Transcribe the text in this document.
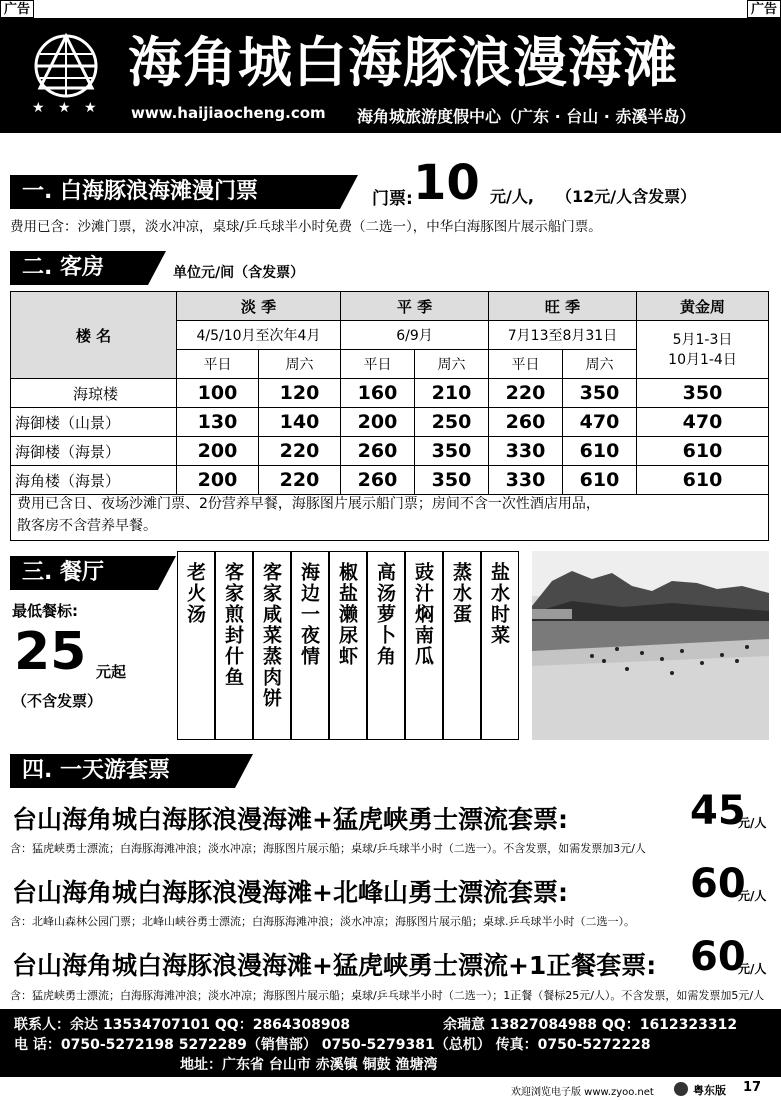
广告	广告
★ ★ ★
海角城白海豚浪漫海滩
www.haijiaocheng.com 海角城旅游度假中心（广东 · 台山 · 赤溪半岛）
一. 白海豚浪海滩漫门票	门票: 10 元/人, （12元/人含发票）
费用已含：沙滩门票，淡水冲凉，桌球/乒乓球半小时免费（二选一），中华白海豚图片展示船门票。
二. 客房	单位元/间（含发票）
楼 名	淡 季		平 季		旺 季		黄金周
	4/5/10月至次年4月		6/9月		7月13至8月31日		5月1-3日
10月1-4日

	平日	周六	平日	周六	平日	周六	
海琼楼	100	120	160	210	220	350	350
海御楼（山景）	130	140	200	250	260	470	470
海御楼（海景）	200	220	260	350	330	610	610
海角楼（海景）	200	220	260	350	330	610	610
费用已含日、夜场沙滩门票、2份营养早餐，海豚图片展示船门票；房间不含一次性酒店用品，
散客房不含营养早餐。
三. 餐厅
最低餐标:
25 元起
（不含发票）
老火汤 客家煎封什鱼 客家咸菜蒸肉饼 海边一夜情 椒盐濑尿虾 高汤萝卜角 豉汁焖南瓜 蒸水蛋 盐水时菜
四. 一天游套票
台山海角城白海豚浪漫海滩+猛虎峡勇士漂流套票:	45
元/人
含：猛虎峡勇士漂流；白海豚海滩冲浪；淡水冲凉；海豚图片展示船；桌球/乒乓球半小时（二选一）。不含发票，如需发票加3元/人
台山海角城白海豚浪漫海滩+北峰山勇士漂流套票:	60
元/人
含：北峰山森林公园门票；北峰山峡谷勇士漂流；白海豚海滩冲浪；淡水冲凉；海豚图片展示船；桌球.乒乓球半小时（二选一）。
台山海角城白海豚浪漫海滩+猛虎峡勇士漂流+1正餐套票: 60
元/人
含：猛虎峡勇士漂流；白海豚海滩冲浪；淡水冲凉；海豚图片展示船；桌球/乒乓球半小时（二选一）；1正餐（餐标25元/人）。不含发票，如需发票加5元/人
联系人：余达 13534707101 QQ：2864308908	余瑞意 13827084988 QQ：1612323312
电 话：0750-5272198 5272289（销售部） 0750-5279381（总机） 传真：0750-5272228
地址：广东省 台山市 赤溪镇 铜鼓 渔塘湾
欢迎浏览电子版 www.zyoo.net	粤东版 17
